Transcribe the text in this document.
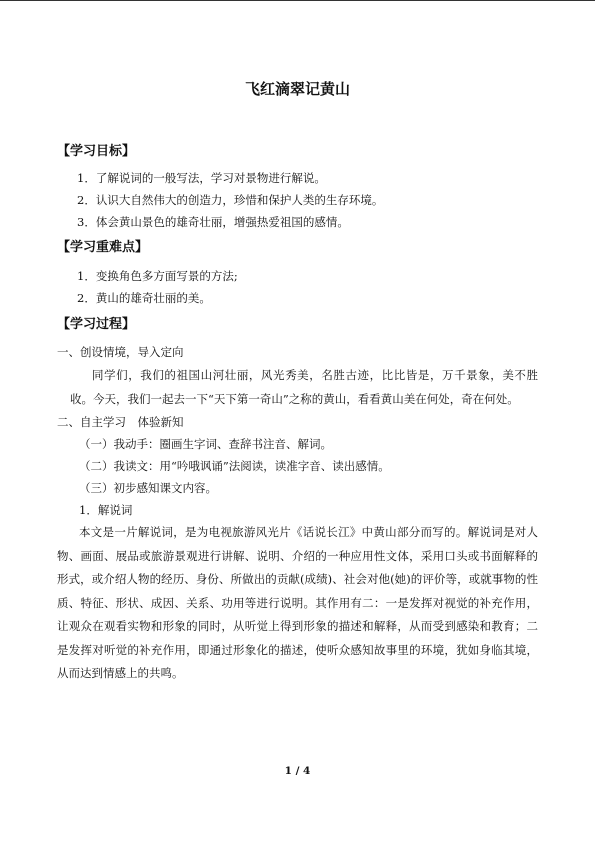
飞红滴翠记黄山
【学习目标】
1．了解说词的一般写法，学习对景物进行解说。
2．认识大自然伟大的创造力，珍惜和保护人类的生存环境。
3．体会黄山景色的雄奇壮丽，增强热爱祖国的感情。
【学习重难点】
1．变换角色多方面写景的方法;
2．黄山的雄奇壮丽的美。
【学习过程】
一、创设情境，导入定向
同学们，我们的祖国山河壮丽，风光秀美，名胜古迹，比比皆是，万千景象，美不胜收。今天，我们一起去一下“天下第一奇山”之称的黄山，看看黄山美在何处，奇在何处。
二、自主学习　体验新知
（一）我动手：圈画生字词、查辞书注音、解词。
（二）我读文：用“吟哦讽诵”法阅读，读准字音、读出感情。
（三）初步感知课文内容。
1．解说词
本文是一片解说词，是为电视旅游风光片《话说长江》中黄山部分而写的。解说词是对人物、画面、展品或旅游景观进行讲解、说明、介绍的一种应用性文体，采用口头或书面解释的形式，或介绍人物的经历、身份、所做出的贡献(成绩)、社会对他(她)的评价等，或就事物的性质、特征、形状、成因、关系、功用等进行说明。其作用有二：一是发挥对视觉的补充作用，让观众在观看实物和形象的同时，从听觉上得到形象的描述和解释，从而受到感染和教育；二是发挥对听觉的补充作用，即通过形象化的描述，使听众感知故事里的环境，犹如身临其境，从而达到情感上的共鸣。
1 / 4
